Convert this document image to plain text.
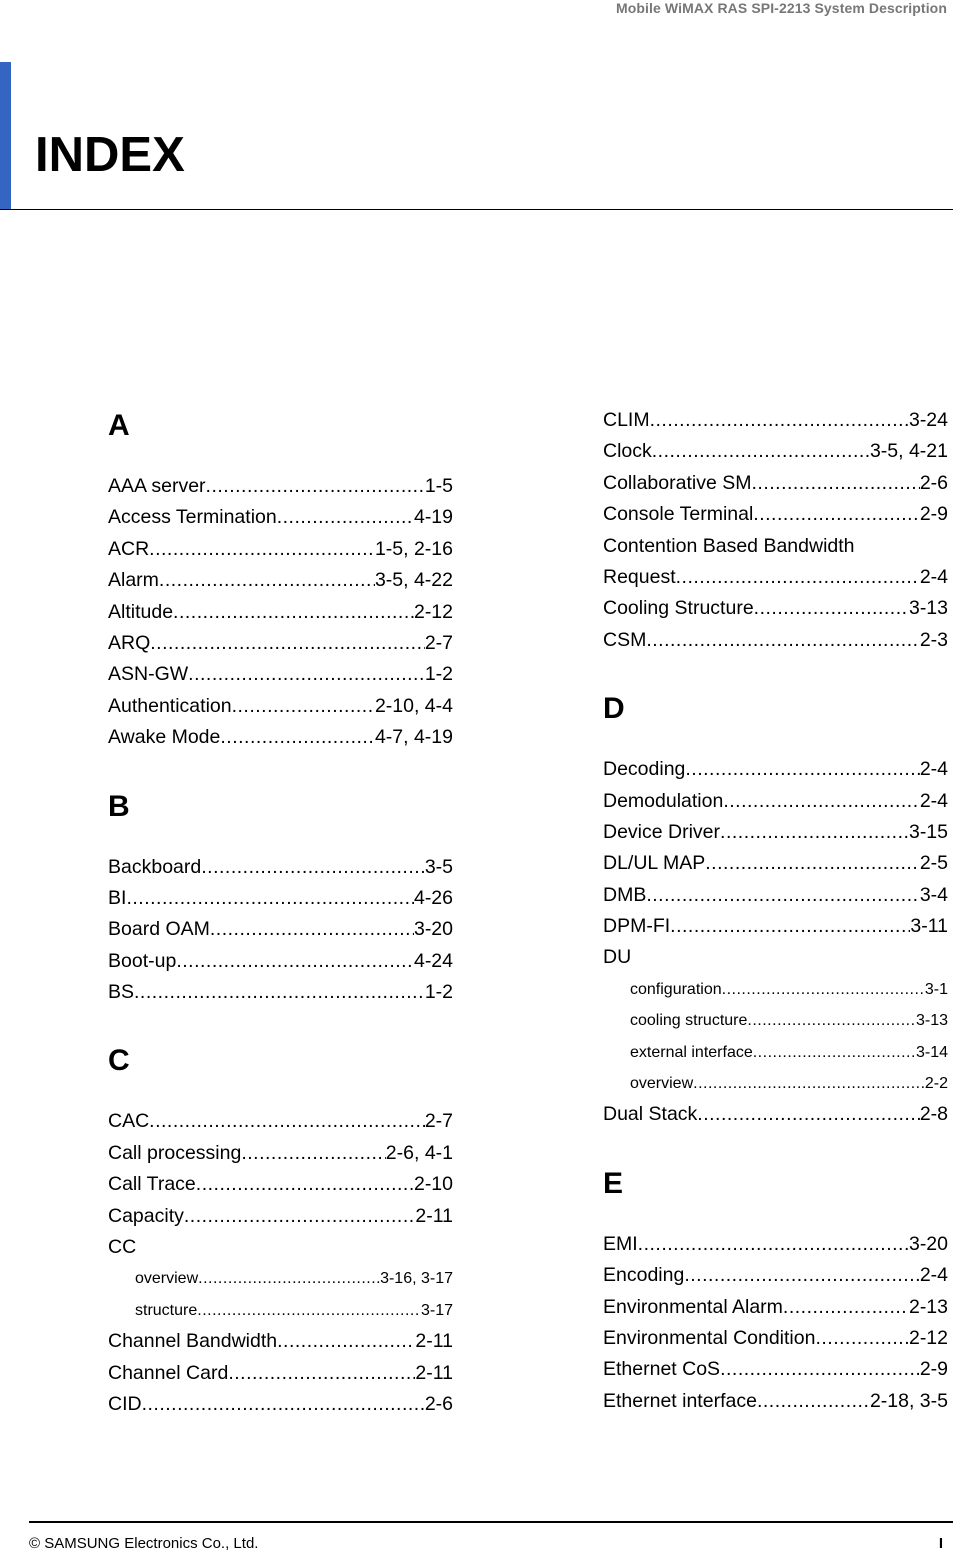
Mobile WiMAX RAS SPI-2213 System Description
INDEX
A
AAA server .....	1-5
Access Termination .....	4-19
ACR .....	1-5, 2-16
Alarm .....	3-5, 4-22
Altitude .....	2-12
ARQ .....	2-7
ASN-GW .....	1-2
Authentication .....	2-10, 4-4
Awake Mode .....	4-7, 4-19
B
Backboard .....	3-5
BI .....	4-26
Board OAM .....	3-20
Boot-up .....	4-24
BS .....	1-2
C
CAC .....	2-7
Call processing .....	2-6, 4-1
Call Trace .....	2-10
Capacity .....	2-11
CC
overview .....	3-16, 3-17
structure .....	3-17
Channel Bandwidth .....	2-11
Channel Card .....	2-11
CID .....	2-6
CLIM .....	3-24
Clock .....	3-5, 4-21
Collaborative SM .....	2-6
Console Terminal .....	2-9
Contention Based Bandwidth
Request .....	2-4
Cooling Structure .....	3-13
CSM .....	2-3
D
Decoding .....	2-4
Demodulation .....	2-4
Device Driver .....	3-15
DL/UL MAP .....	2-5
DMB .....	3-4
DPM-FI .....	3-11
DU
configuration .....	3-1
cooling structure .....	3-13
external interface .....	3-14
overview .....	2-2
Dual Stack .....	2-8
E
EMI .....	3-20
Encoding .....	2-4
Environmental Alarm .....	2-13
Environmental Condition .....	2-12
Ethernet CoS .....	2-9
Ethernet interface .....	2-18, 3-5
© SAMSUNG Electronics Co., Ltd.	I
